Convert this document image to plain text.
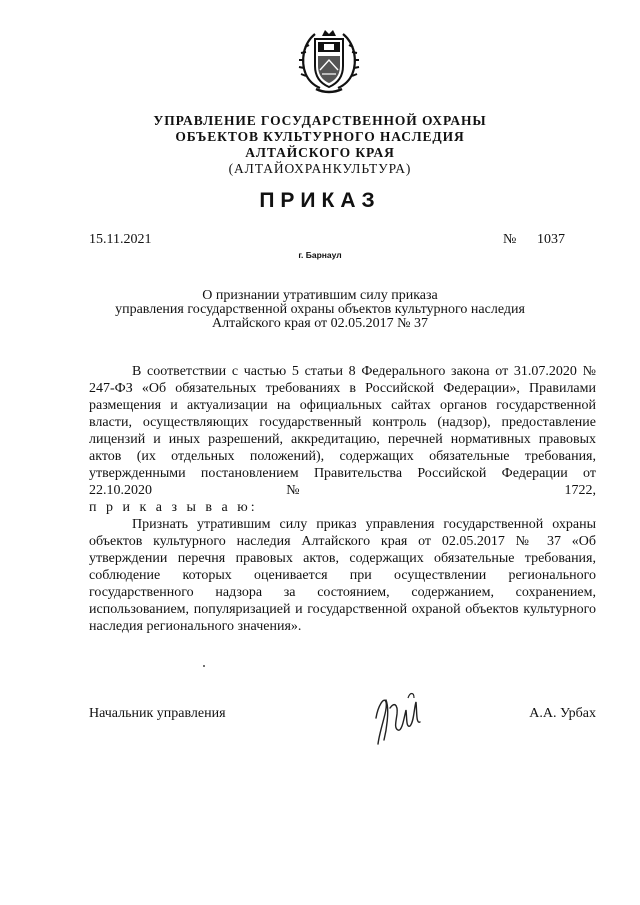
УПРАВЛЕНИЕ ГОСУДАРСТВЕННОЙ ОХРАНЫ
ОБЪЕКТОВ КУЛЬТУРНОГО НАСЛЕДИЯ
АЛТАЙСКОГО КРАЯ
(АЛТАЙОХРАНКУЛЬТУРА)
ПРИКАЗ
15.11.2021	№ 1037
г. Барнаул
О признании утратившим силу приказа
управления государственной охраны объектов культурного наследия
Алтайского края от 02.05.2017 № 37

В соответствии с частью 5 статьи 8 Федерального закона от 31.07.2020 № 247-ФЗ «Об обязательных требованиях в Российской Федерации», Правилами размещения и актуализации на официальных сайтах органов государственной власти, осуществляющих государственный контроль (надзор), предоставление лицензий и иных разрешений, аккредитацию, перечней нормативных правовых актов (их отдельных положений), содержащих обязательные требования, утвержденными постановлением Правительства Российской Федерации от 22.10.2020 № 1722,

п р и к а з ы в а ю:

Признать утратившим силу приказ управления государственной охраны объектов культурного наследия Алтайского края от 02.05.2017 № 37 «Об утверждении перечня правовых актов, содержащих обязательные требования, соблюдение которых оценивается при осуществлении регионального государственного надзора за состоянием, содержанием, сохранением, использованием, популяризацией и государственной охраной объектов культурного наследия регионального значения».

Начальник управления	А.А. Урбах
